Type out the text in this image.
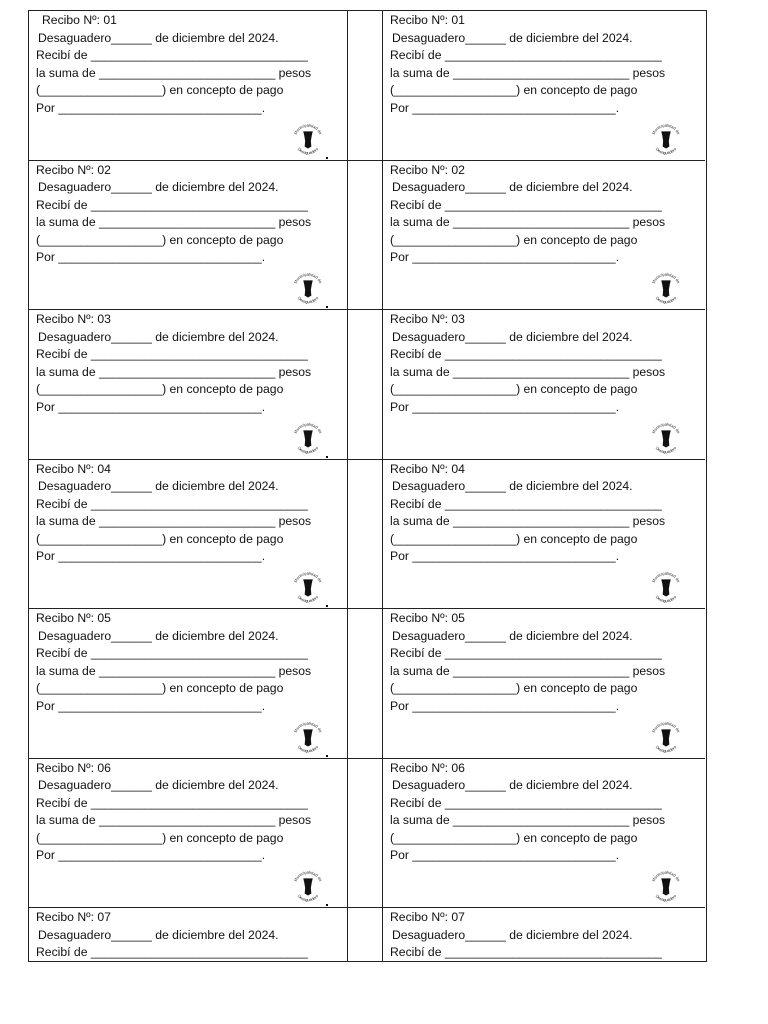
Recibo Nº: 01
Desaguadero______ de diciembre del 2024.
Recibí de ________________________________
la suma de __________________________ pesos
(__________________) en concepto de pago
Por ______________________________.
Municipalidad de
Desaguadero
Recibo Nº: 01
Desaguadero______ de diciembre del 2024.
Recibí de ________________________________
la suma de __________________________ pesos
(__________________) en concepto de pago
Por ______________________________.
Municipalidad de
Desaguadero
Recibo Nº: 02
Desaguadero______ de diciembre del 2024.
Recibí de ________________________________
la suma de __________________________ pesos
(__________________) en concepto de pago
Por ______________________________.
Municipalidad de
Desaguadero
Recibo Nº: 02
Desaguadero______ de diciembre del 2024.
Recibí de ________________________________
la suma de __________________________ pesos
(__________________) en concepto de pago
Por ______________________________.
Municipalidad de
Desaguadero
Recibo Nº: 03
Desaguadero______ de diciembre del 2024.
Recibí de ________________________________
la suma de __________________________ pesos
(__________________) en concepto de pago
Por ______________________________.
Municipalidad de
Desaguadero
Recibo Nº: 03
Desaguadero______ de diciembre del 2024.
Recibí de ________________________________
la suma de __________________________ pesos
(__________________) en concepto de pago
Por ______________________________.
Municipalidad de
Desaguadero
Recibo Nº: 04
Desaguadero______ de diciembre del 2024.
Recibí de ________________________________
la suma de __________________________ pesos
(__________________) en concepto de pago
Por ______________________________.
Municipalidad de
Desaguadero
Recibo Nº: 04
Desaguadero______ de diciembre del 2024.
Recibí de ________________________________
la suma de __________________________ pesos
(__________________) en concepto de pago
Por ______________________________.
Municipalidad de
Desaguadero
Recibo Nº: 05
Desaguadero______ de diciembre del 2024.
Recibí de ________________________________
la suma de __________________________ pesos
(__________________) en concepto de pago
Por ______________________________.
Municipalidad de
Desaguadero
Recibo Nº: 05
Desaguadero______ de diciembre del 2024.
Recibí de ________________________________
la suma de __________________________ pesos
(__________________) en concepto de pago
Por ______________________________.
Municipalidad de
Desaguadero
Recibo Nº: 06
Desaguadero______ de diciembre del 2024.
Recibí de ________________________________
la suma de __________________________ pesos
(__________________) en concepto de pago
Por ______________________________.
Municipalidad de
Desaguadero
Recibo Nº: 06
Desaguadero______ de diciembre del 2024.
Recibí de ________________________________
la suma de __________________________ pesos
(__________________) en concepto de pago
Por ______________________________.
Municipalidad de
Desaguadero
Recibo Nº: 07
Desaguadero______ de diciembre del 2024.
Recibí de ________________________________
Recibo Nº: 07
Desaguadero______ de diciembre del 2024.
Recibí de ________________________________
